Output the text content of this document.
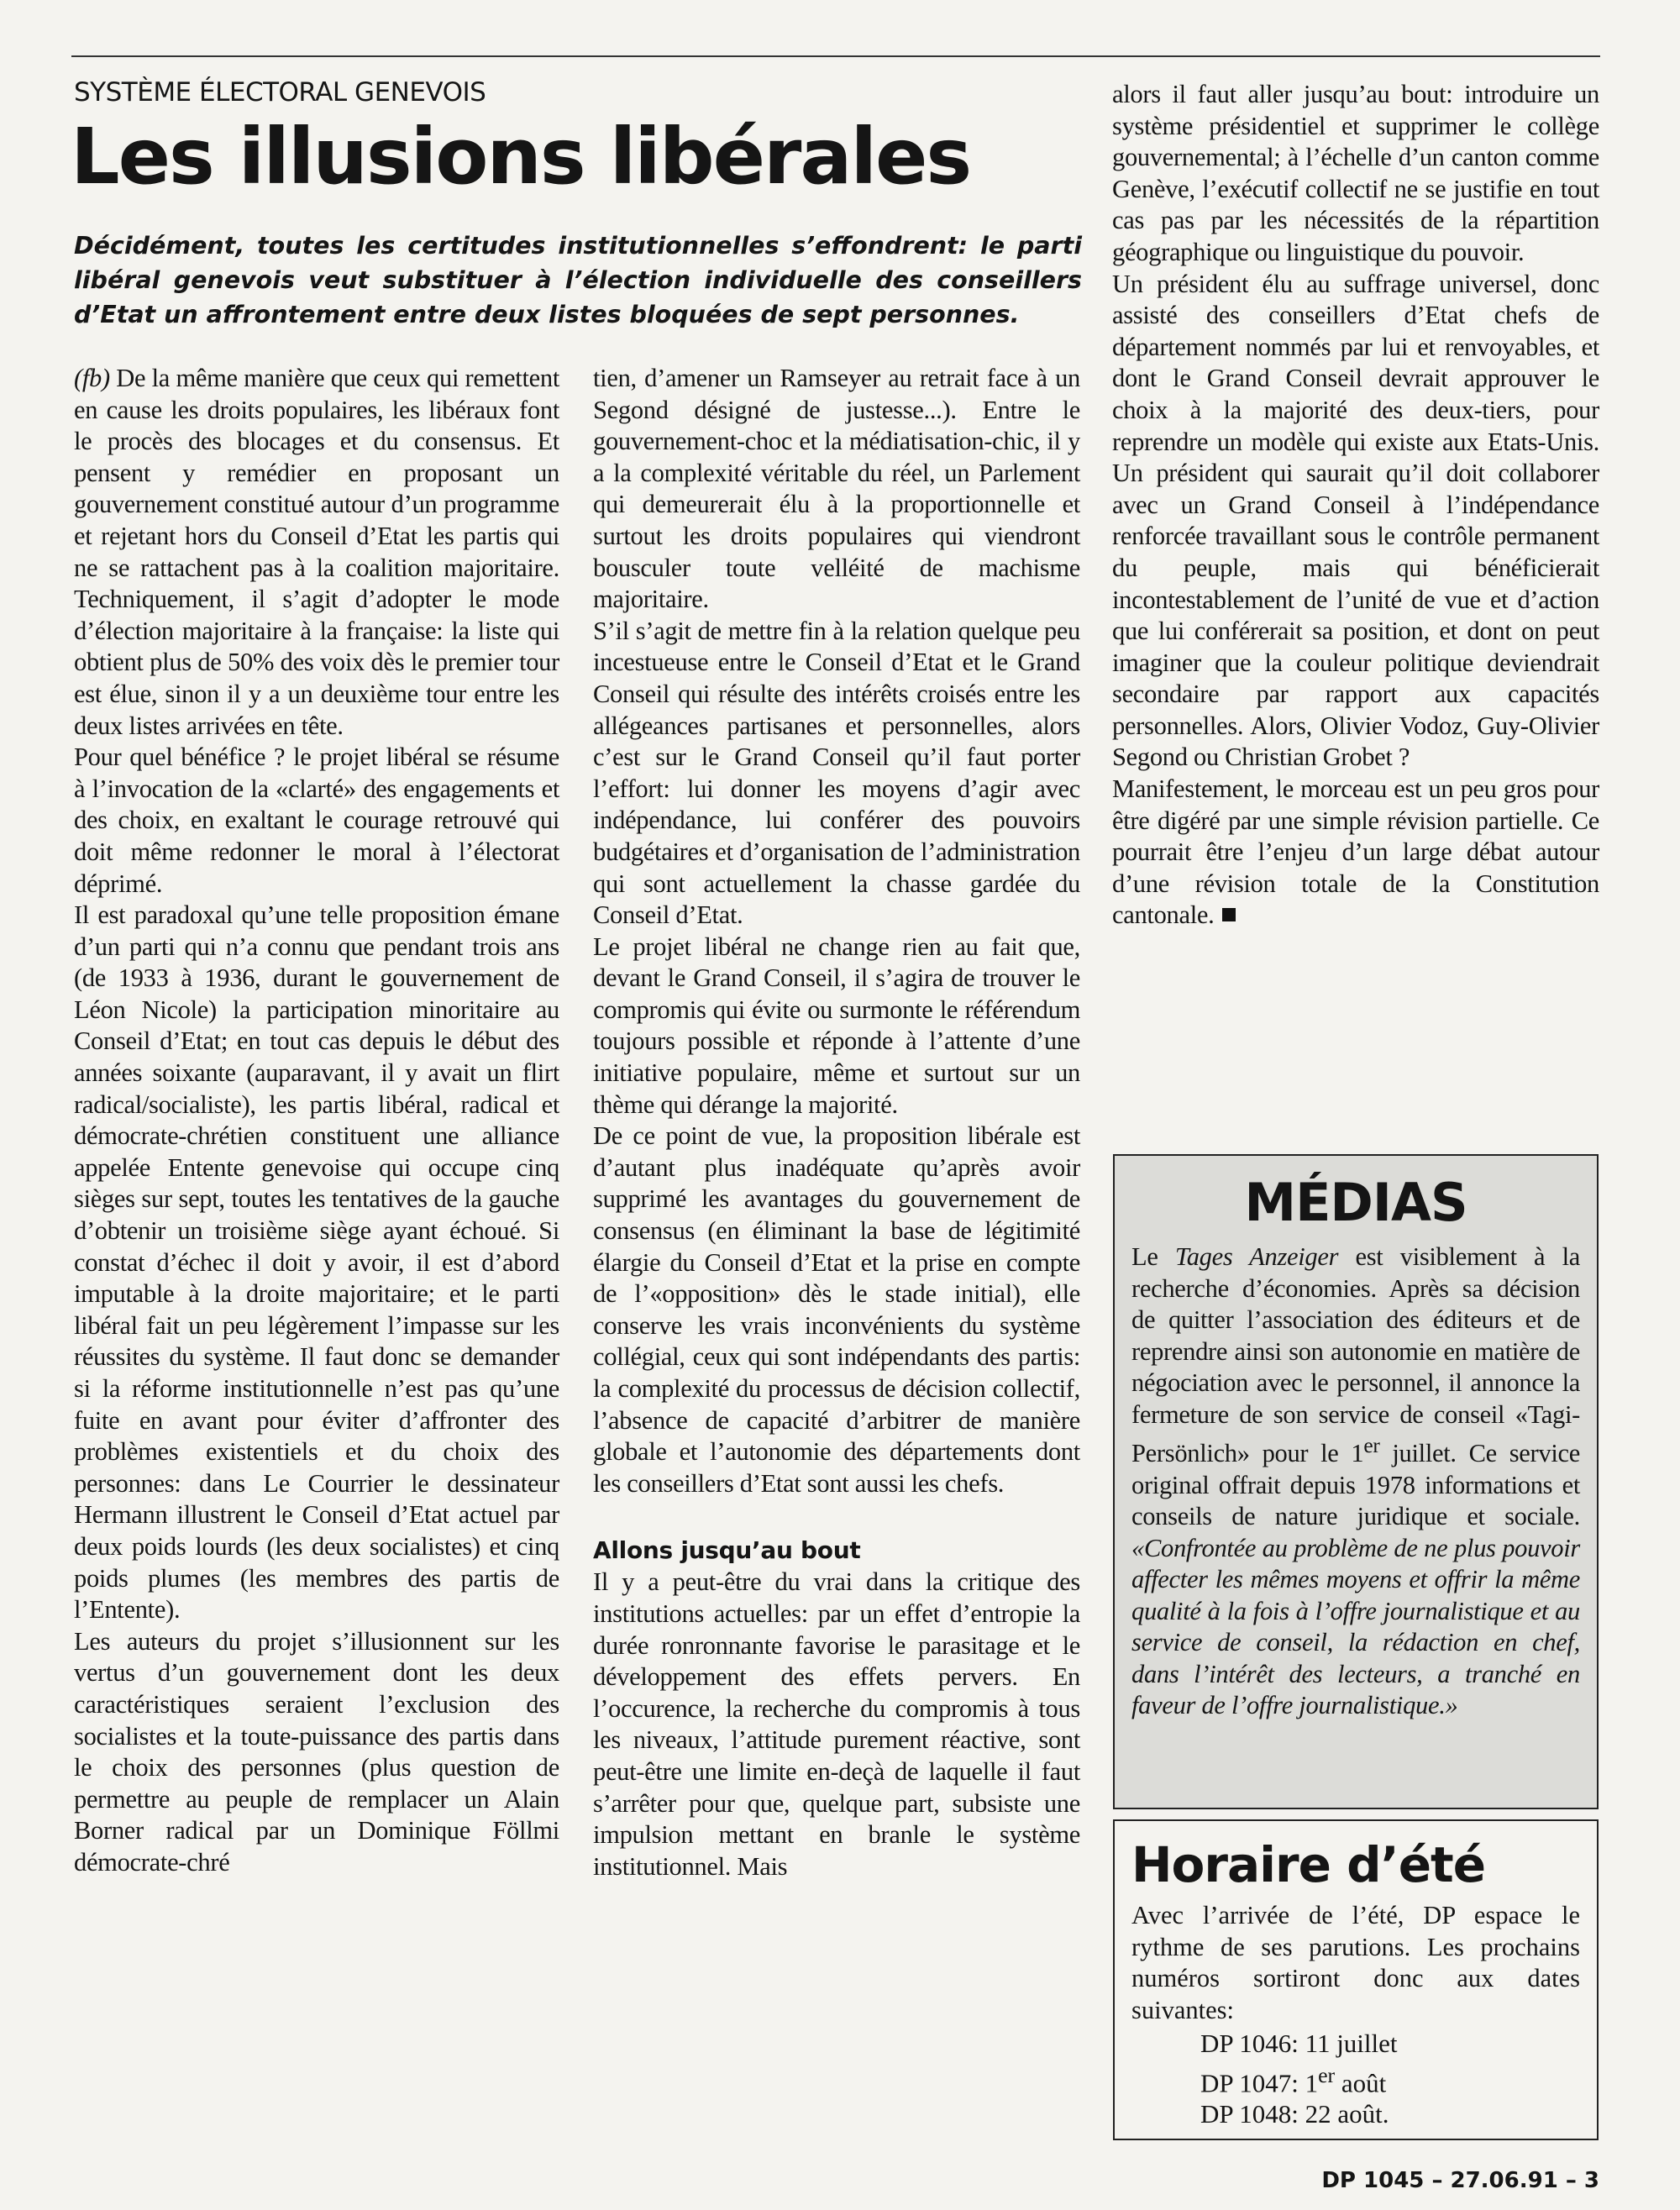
SYSTÈME ÉLECTORAL GENEVOIS
Les illusions libérales

Décidément, toutes les certitudes institutionnelles s’effondrent: le parti libéral genevois veut substituer à l’élection individuelle des conseillers d’Etat un affrontement entre deux listes bloquées de sept personnes.

(fb) De la même manière que ceux qui remettent en cause les droits populaires, les libéraux font le procès des blocages et du consensus. Et pensent y remédier en proposant un gouvernement constitué autour d’un programme et rejetant hors du Conseil d’Etat les partis qui ne se rattachent pas à la coalition majoritaire. Techniquement, il s’agit d’adopter le mode d’élection majoritaire à la française: la liste qui obtient plus de 50% des voix dès le premier tour est élue, sinon il y a un deuxième tour entre les deux listes arrivées en tête.

Pour quel bénéfice ? le projet libéral se résume à l’invocation de la «clarté» des engagements et des choix, en exaltant le courage retrouvé qui doit même redonner le moral à l’électorat déprimé.

Il est paradoxal qu’une telle proposition émane d’un parti qui n’a connu que pendant trois ans (de 1933 à 1936, durant le gouvernement de Léon Nicole) la participation minoritaire au Conseil d’Etat; en tout cas depuis le début des années soixante (auparavant, il y avait un flirt radical/socialiste), les partis libéral, radical et démocrate-chrétien constituent une alliance appelée Entente genevoise qui occupe cinq sièges sur sept, toutes les tentatives de la gauche d’obtenir un troisième siège ayant échoué. Si constat d’échec il doit y avoir, il est d’abord imputable à la droite majoritaire; et le parti libéral fait un peu légèrement l’impasse sur les réussites du système. Il faut donc se demander si la réforme institutionnelle n’est pas qu’une fuite en avant pour éviter d’affronter des problèmes existentiels et du choix des personnes: dans Le Courrier le dessinateur Hermann illustrent le Conseil d’Etat actuel par deux poids lourds (les deux socialistes) et cinq poids plumes (les membres des partis de l’Entente).

Les auteurs du projet s’illusionnent sur les vertus d’un gouvernement dont les deux caractéristiques seraient l’exclusion des socialistes et la toute-puissance des partis dans le choix des personnes (plus question de permettre au peuple de remplacer un Alain Borner radical par un Dominique Föllmi démocrate-chré

tien, d’amener un Ramseyer au retrait face à un Segond désigné de justesse...). Entre le gouvernement-choc et la médiatisation-chic, il y a la complexité véritable du réel, un Parlement qui demeurerait élu à la proportionnelle et surtout les droits populaires qui viendront bousculer toute velléité de machisme majoritaire.

S’il s’agit de mettre fin à la relation quelque peu incestueuse entre le Conseil d’Etat et le Grand Conseil qui résulte des intérêts croisés entre les allégeances partisanes et personnelles, alors c’est sur le Grand Conseil qu’il faut porter l’effort: lui donner les moyens d’agir avec indépendance, lui conférer des pouvoirs budgétaires et d’organisation de l’administration qui sont actuellement la chasse gardée du Conseil d’Etat.

Le projet libéral ne change rien au fait que, devant le Grand Conseil, il s’agira de trouver le compromis qui évite ou surmonte le référendum toujours possible et réponde à l’attente d’une initiative populaire, même et surtout sur un thème qui dérange la majorité.

De ce point de vue, la proposition libérale est d’autant plus inadéquate qu’après avoir supprimé les avantages du gouvernement de consensus (en éliminant la base de légitimité élargie du Conseil d’Etat et la prise en compte de l’«opposition» dès le stade initial), elle conserve les vrais inconvénients du système collégial, ceux qui sont indépendants des partis: la complexité du processus de décision collectif, l’absence de capacité d’arbitrer de manière globale et l’autonomie des départements dont les conseillers d’Etat sont aussi les chefs.

Allons jusqu’au bout

Il y a peut-être du vrai dans la critique des institutions actuelles: par un effet d’entropie la durée ronronnante favorise le parasitage et le développement des effets pervers. En l’occurence, la recherche du compromis à tous les niveaux, l’attitude purement réactive, sont peut-être une limite en-deçà de laquelle il faut s’arrêter pour que, quelque part, subsiste une impulsion mettant en branle le système institutionnel. Mais

alors il faut aller jusqu’au bout: introduire un système présidentiel et supprimer le collège gouvernemental; à l’échelle d’un canton comme Genève, l’exécutif collectif ne se justifie en tout cas pas par les nécessités de la répartition géographique ou linguistique du pouvoir.

Un président élu au suffrage universel, donc assisté des conseillers d’Etat chefs de département nommés par lui et renvoyables, et dont le Grand Conseil devrait approuver le choix à la majorité des deux-tiers, pour reprendre un modèle qui existe aux Etats-Unis. Un président qui saurait qu’il doit collaborer avec un Grand Conseil à l’indépendance renforcée travaillant sous le contrôle permanent du peuple, mais qui bénéficierait incontestablement de l’unité de vue et d’action que lui conférerait sa position, et dont on peut imaginer que la couleur politique deviendrait secondaire par rapport aux capacités personnelles. Alors, Olivier Vodoz, Guy-Olivier Segond ou Christian Grobet ?

Manifestement, le morceau est un peu gros pour être digéré par une simple révision partielle. Ce pourrait être l’enjeu d’un large débat autour d’une révision totale de la Constitution cantonale.

MÉDIAS
Le Tages Anzeiger est visiblement à la recherche d’économies. Après sa décision de quitter l’association des éditeurs et de reprendre ainsi son autonomie en matière de négociation avec le personnel, il annonce la fermeture de son service de conseil «Tagi-Persönlich» pour le 1er juillet. Ce service original offrait depuis 1978 informations et conseils de nature juridique et sociale. «Confrontée au problème de ne plus pouvoir affecter les mêmes moyens et offrir la même qualité à la fois à l’offre journalistique et au service de conseil, la rédaction en chef, dans l’intérêt des lecteurs, a tranché en faveur de l’offre journalistique.»
Horaire d’été
Avec l’arrivée de l’été, DP espace le rythme de ses parutions. Les prochains numéros sortiront donc aux dates suivantes:
DP 1046: 11 juillet
DP 1047: 1er août
DP 1048: 22 août.
DP 1045 – 27.06.91 – 3
